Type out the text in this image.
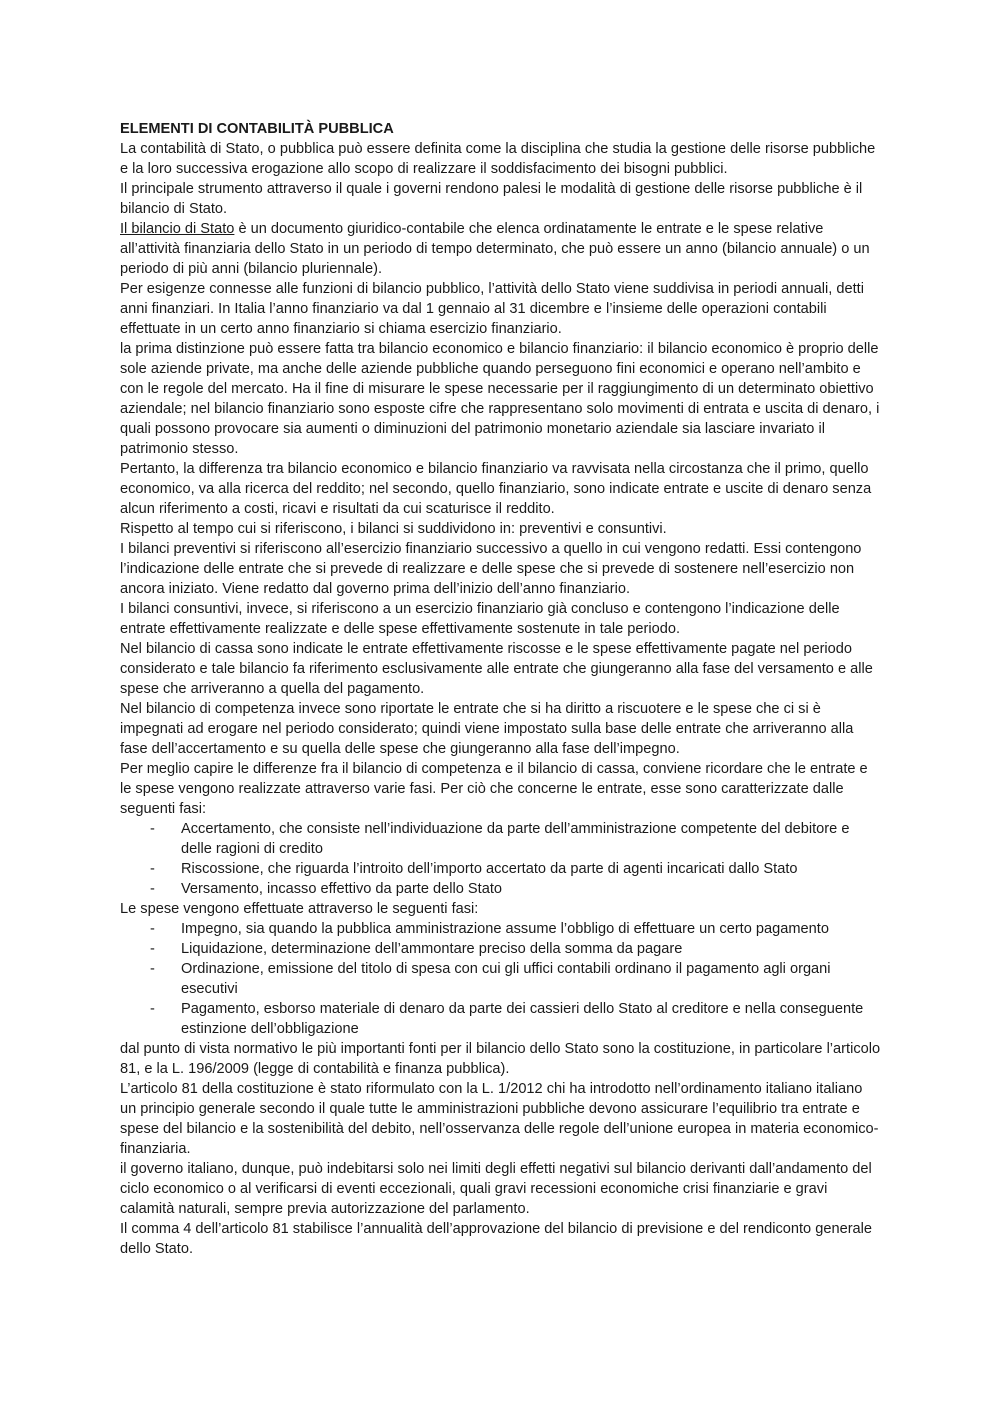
ELEMENTI DI CONTABILITÀ PUBBLICA

La contabilità di Stato, o pubblica può essere definita come la disciplina che studia la gestione delle risorse pubbliche e la loro successiva erogazione allo scopo di realizzare il soddisfacimento dei bisogni pubblici.

Il principale strumento attraverso il quale i governi rendono palesi le modalità di gestione delle risorse pubbliche è il bilancio di Stato.

Il bilancio di Stato è un documento giuridico-contabile che elenca ordinatamente le entrate e le spese relative all’attività finanziaria dello Stato in un periodo di tempo determinato, che può essere un anno (bilancio annuale) o un periodo di più anni (bilancio pluriennale).

Per esigenze connesse alle funzioni di bilancio pubblico, l’attività dello Stato viene suddivisa in periodi annuali, detti anni finanziari. In Italia l’anno finanziario va dal 1 gennaio al 31 dicembre e l’insieme delle operazioni contabili effettuate in un certo anno finanziario si chiama esercizio finanziario.

la prima distinzione può essere fatta tra bilancio economico e bilancio finanziario: il bilancio economico è proprio delle sole aziende private, ma anche delle aziende pubbliche quando perseguono fini economici e operano nell’ambito e con le regole del mercato. Ha il fine di misurare le spese necessarie per il raggiungimento di un determinato obiettivo aziendale; nel bilancio finanziario sono esposte cifre che rappresentano solo movimenti di entrata e uscita di denaro, i quali possono provocare sia aumenti o diminuzioni del patrimonio monetario aziendale sia lasciare invariato il patrimonio stesso.

Pertanto, la differenza tra bilancio economico e bilancio finanziario va ravvisata nella circostanza che il primo, quello economico, va alla ricerca del reddito; nel secondo, quello finanziario, sono indicate entrate e uscite di denaro senza alcun riferimento a costi, ricavi e risultati da cui scaturisce il reddito.

Rispetto al tempo cui si riferiscono, i bilanci si suddividono in: preventivi e consuntivi.

I bilanci preventivi si riferiscono all’esercizio finanziario successivo a quello in cui vengono redatti. Essi contengono l’indicazione delle entrate che si prevede di realizzare e delle spese che si prevede di sostenere nell’esercizio non ancora iniziato. Viene redatto dal governo prima dell’inizio dell’anno finanziario.

I bilanci consuntivi, invece, si riferiscono a un esercizio finanziario già concluso e contengono l’indicazione delle entrate effettivamente realizzate e delle spese effettivamente sostenute in tale periodo.

Nel bilancio di cassa sono indicate le entrate effettivamente riscosse e le spese effettivamente pagate nel periodo considerato e tale bilancio fa riferimento esclusivamente alle entrate che giungeranno alla fase del versamento e alle spese che arriveranno a quella del pagamento.

Nel bilancio di competenza invece sono riportate le entrate che si ha diritto a riscuotere e le spese che ci si è impegnati ad erogare nel periodo considerato; quindi viene impostato sulla base delle entrate che arriveranno alla fase dell’accertamento e su quella delle spese che giungeranno alla fase dell’impegno.

Per meglio capire le differenze fra il bilancio di competenza e il bilancio di cassa, conviene ricordare che le entrate e le spese vengono realizzate attraverso varie fasi. Per ciò che concerne le entrate, esse sono caratterizzate dalle seguenti fasi:

- Accertamento, che consiste nell’individuazione da parte dell’amministrazione competente del debitore e delle ragioni di credito
- Riscossione, che riguarda l’introito dell’importo accertato da parte di agenti incaricati dallo Stato
- Versamento, incasso effettivo da parte dello Stato

Le spese vengono effettuate attraverso le seguenti fasi:

- Impegno, sia quando la pubblica amministrazione assume l’obbligo di effettuare un certo pagamento
- Liquidazione, determinazione dell’ammontare preciso della somma da pagare
- Ordinazione, emissione del titolo di spesa con cui gli uffici contabili ordinano il pagamento agli organi esecutivi
- Pagamento, esborso materiale di denaro da parte dei cassieri dello Stato al creditore e nella conseguente estinzione dell’obbligazione

dal punto di vista normativo le più importanti fonti per il bilancio dello Stato sono la costituzione, in particolare l’articolo 81, e la L. 196/2009 (legge di contabilità e finanza pubblica).

L’articolo 81 della costituzione è stato riformulato con la L. 1/2012 chi ha introdotto nell’ordinamento italiano italiano un principio generale secondo il quale tutte le amministrazioni pubbliche devono assicurare l’equilibrio tra entrate e spese del bilancio e la sostenibilità del debito, nell’osservanza delle regole dell’unione europea in materia economico-finanziaria.

il governo italiano, dunque, può indebitarsi solo nei limiti degli effetti negativi sul bilancio derivanti dall’andamento del ciclo economico o al verificarsi di eventi eccezionali, quali gravi recessioni economiche crisi finanziarie e gravi calamità naturali, sempre previa autorizzazione del parlamento.

Il comma 4 dell’articolo 81 stabilisce l’annualità dell’approvazione del bilancio di previsione e del rendiconto generale dello Stato.
